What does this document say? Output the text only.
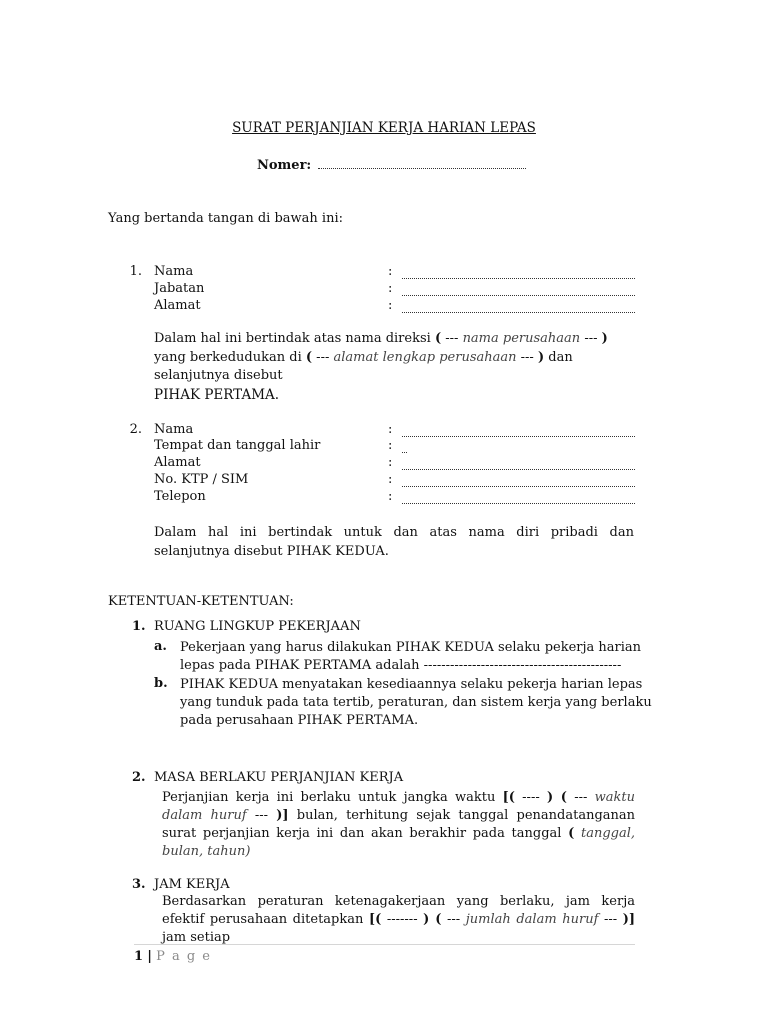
SURAT PERJANJIAN KERJA HARIAN LEPAS
Nomer:
Yang bertanda tangan di bawah ini:
1. Nama
Jabatan
Alamat
:
:
:
Dalam hal ini bertindak atas nama direksi ( --- nama perusahaan --- ) yang berkedudukan di ( --- alamat lengkap perusahaan --- ) dan selanjutnya disebut
PIHAK PERTAMA.
2. Nama
Tempat dan tanggal lahir
Alamat
No. KTP / SIM
Telepon
:
:
:
:
:
Dalam hal ini bertindak untuk dan atas nama diri pribadi dan selanjutnya disebut PIHAK KEDUA.
KETENTUAN-KETENTUAN:
1. RUANG LINGKUP PEKERJAAN
a.	Pekerjaan yang harus dilakukan PIHAK KEDUA selaku pekerja harian lepas pada PIHAK PERTAMA adalah ---------------------------------------------
b. PIHAK KEDUA menyatakan kesediaannya selaku pekerja harian lepas yang tunduk pada tata tertib, peraturan, dan sistem kerja yang berlaku pada perusahaan PIHAK PERTAMA.
2. MASA BERLAKU PERJANJIAN KERJA
Perjanjian kerja ini berlaku untuk jangka waktu [( ---- ) ( --- waktu dalam huruf --- )] bulan, terhitung sejak tanggal penandatanganan surat perjanjian kerja ini dan akan berakhir pada tanggal ( tanggal, bulan, tahun)
3. JAM KERJA
Berdasarkan peraturan ketenagakerjaan yang berlaku, jam kerja efektif perusahaan ditetapkan [( ------- ) ( --- jumlah dalam huruf --- )] jam setiap
1 | P a g e
